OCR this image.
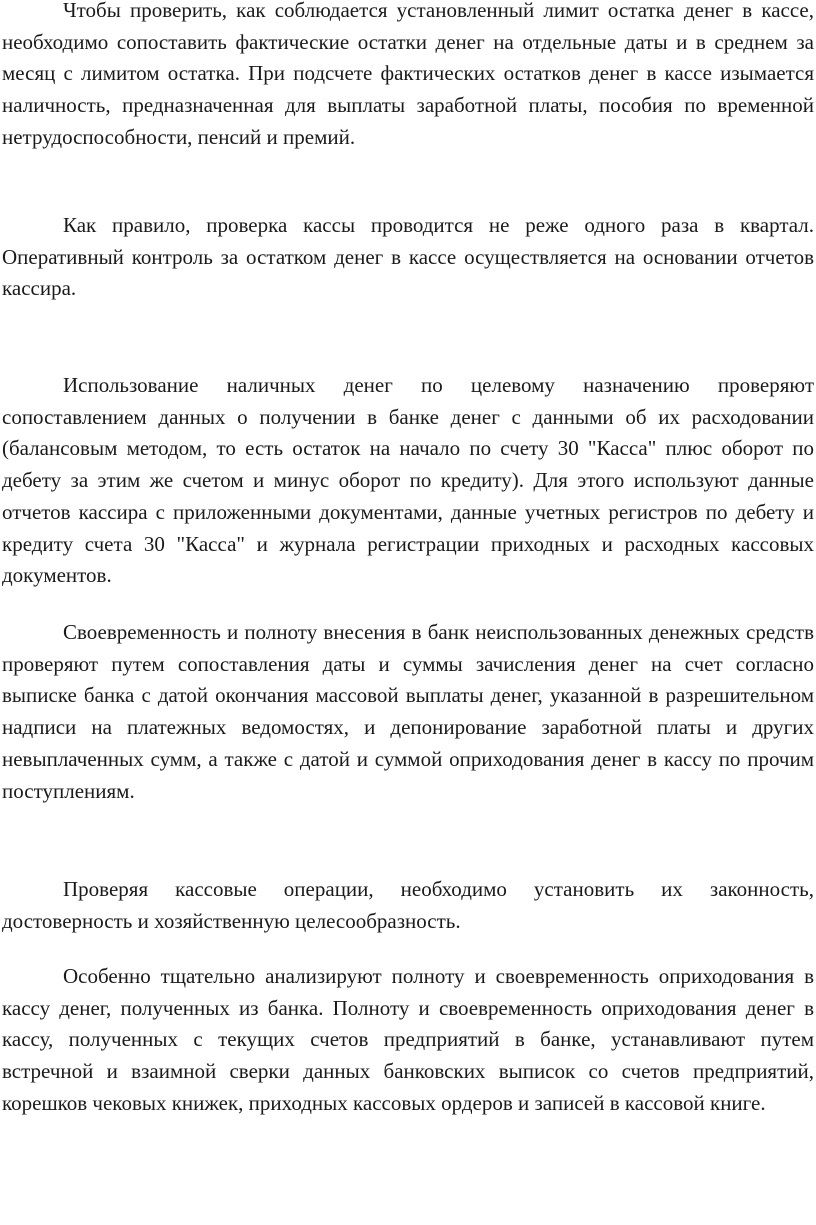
Чтобы проверить, как соблюдается установленный лимит остатка денег в кассе, необходимо сопоставить фактические остатки денег на отдельные даты и в среднем за месяц с лимитом остатка. При подсчете фактических остатков денег в кассе изымается наличность, предназначенная для выплаты заработной платы, пособия по временной нетрудоспособности, пенсий и премий.

Как правило, проверка кассы проводится не реже одного раза в квартал. Оперативный контроль за остатком денег в кассе осуществляется на основании отчетов кассира.

Использование наличных денег по целевому назначению проверяют сопоставлением данных о получении в банке денег с данными об их расходовании (балансовым методом, то есть остаток на начало по счету 30 "Касса" плюс оборот по дебету за этим же счетом и минус оборот по кредиту). Для этого используют данные отчетов кассира с приложенными документами, данные учетных регистров по дебету и кредиту счета 30 "Касса" и журнала регистрации приходных и расходных кассовых документов.

Своевременность и полноту внесения в банк неиспользованных денежных средств проверяют путем сопоставления даты и суммы зачисления денег на счет согласно выписке банка с датой окончания массовой выплаты денег, указанной в разрешительном надписи на платежных ведомостях, и депонирование заработной платы и других невыплаченных сумм, а также с датой и суммой оприходования денег в кассу по прочим поступлениям.

Проверяя кассовые операции, необходимо установить их законность, достоверность и хозяйственную целесообразность.

Особенно тщательно анализируют полноту и своевременность оприходования в кассу денег, полученных из банка. Полноту и своевременность оприходования денег в кассу, полученных с текущих счетов предприятий в банке, устанавливают путем встречной и взаимной сверки данных банковских выписок со счетов предприятий, корешков чековых книжек, приходных кассовых ордеров и записей в кассовой книге.
